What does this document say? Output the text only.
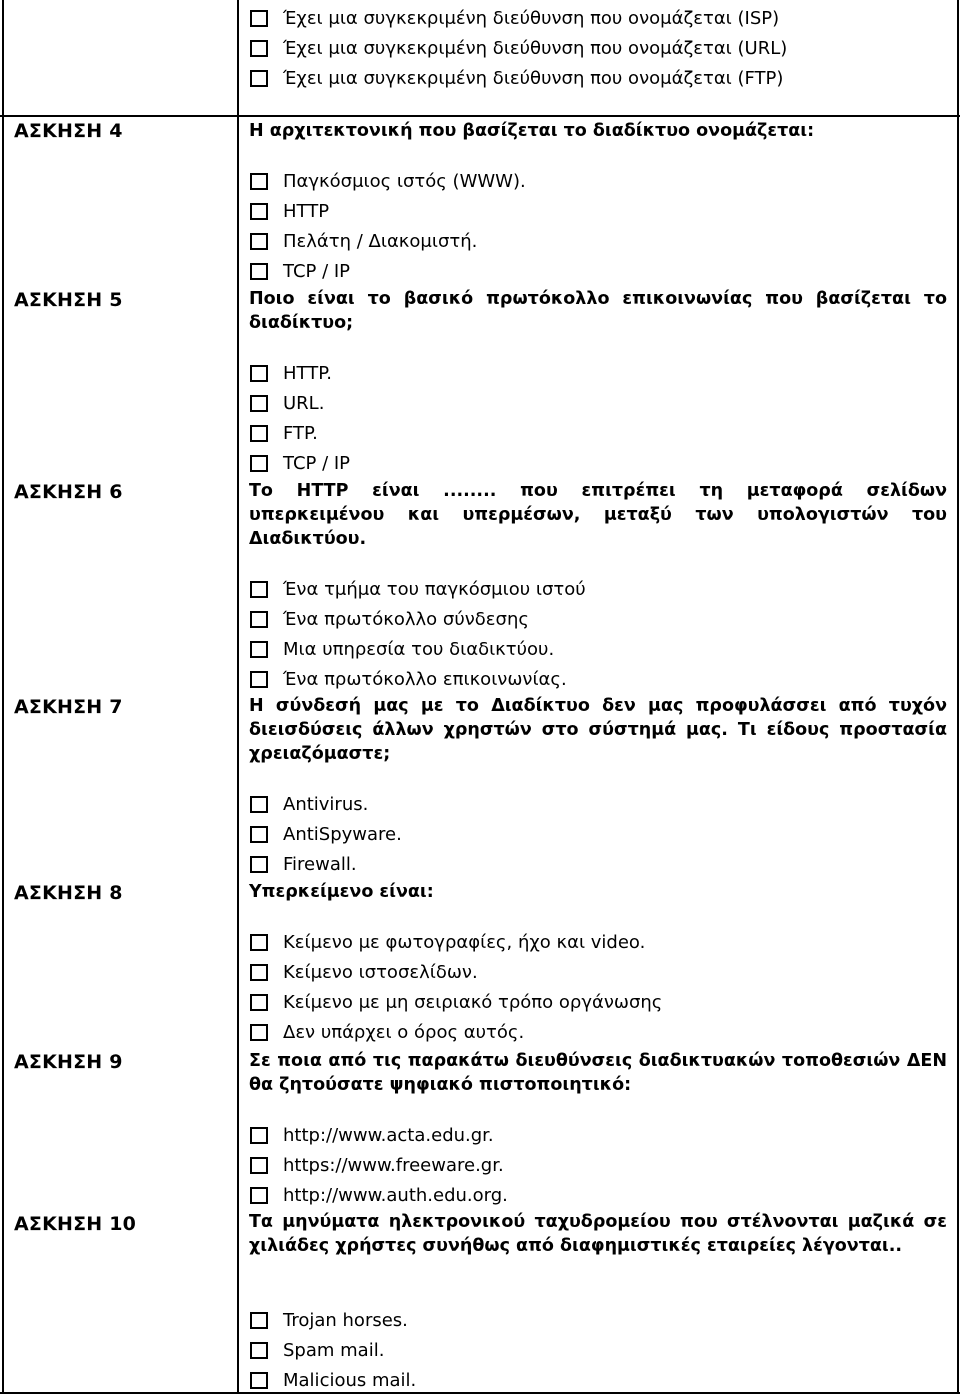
Έχει μια συγκεκριμένη διεύθυνση που ονομάζεται (ISP)
Έχει μια συγκεκριμένη διεύθυνση που ονομάζεται (URL)
Έχει μια συγκεκριμένη διεύθυνση που ονομάζεται (FTP)
ΑΣΚΗΣΗ 4	Η αρχιτεκτονική που βασίζεται το διαδίκτυο ονομάζεται:
Παγκόσμιος ιστός (WWW).
HTTP
Πελάτη / Διακομιστή.
TCP / IP
ΑΣΚΗΣΗ 5	Ποιο είναι το βασικό πρωτόκολλο επικοινωνίας που βασίζεται το διαδίκτυο;
HTTP.
URL.
FTP.
TCP / IP
ΑΣΚΗΣΗ 6	Το HTTP είναι ........ που επιτρέπει τη μεταφορά σελίδων υπερκειμένου και υπερμέσων, μεταξύ των υπολογιστών του Διαδικτύου.
Ένα τμήμα του παγκόσμιου ιστού
Ένα πρωτόκολλο σύνδεσης
Μια υπηρεσία του διαδικτύου.
Ένα πρωτόκολλο επικοινωνίας.
ΑΣΚΗΣΗ 7	Η σύνδεσή μας με το Διαδίκτυο δεν μας προφυλάσσει από τυχόν διεισδύσεις άλλων χρηστών στο σύστημά μας. Τι είδους προστασία χρειαζόμαστε;
Antivirus.
AntiSpyware.
Firewall.
ΑΣΚΗΣΗ 8	Υπερκείμενο είναι:
Κείμενο με φωτογραφίες, ήχο και video.
Κείμενο ιστοσελίδων.
Κείμενο με μη σειριακό τρόπο οργάνωσης
Δεν υπάρχει ο όρος αυτός.
ΑΣΚΗΣΗ 9	Σε ποια από τις παρακάτω διευθύνσεις διαδικτυακών τοποθεσιών ΔΕΝ θα ζητούσατε ψηφιακό πιστοποιητικό:
http://www.acta.edu.gr.
https://www.freeware.gr.
http://www.auth.edu.org.
ΑΣΚΗΣΗ 10	Τα μηνύματα ηλεκτρονικού ταχυδρομείου που στέλνονται μαζικά σε χιλιάδες χρήστες συνήθως από διαφημιστικές εταιρείες λέγονται..
Trojan horses.
Spam mail.
Malicious mail.
